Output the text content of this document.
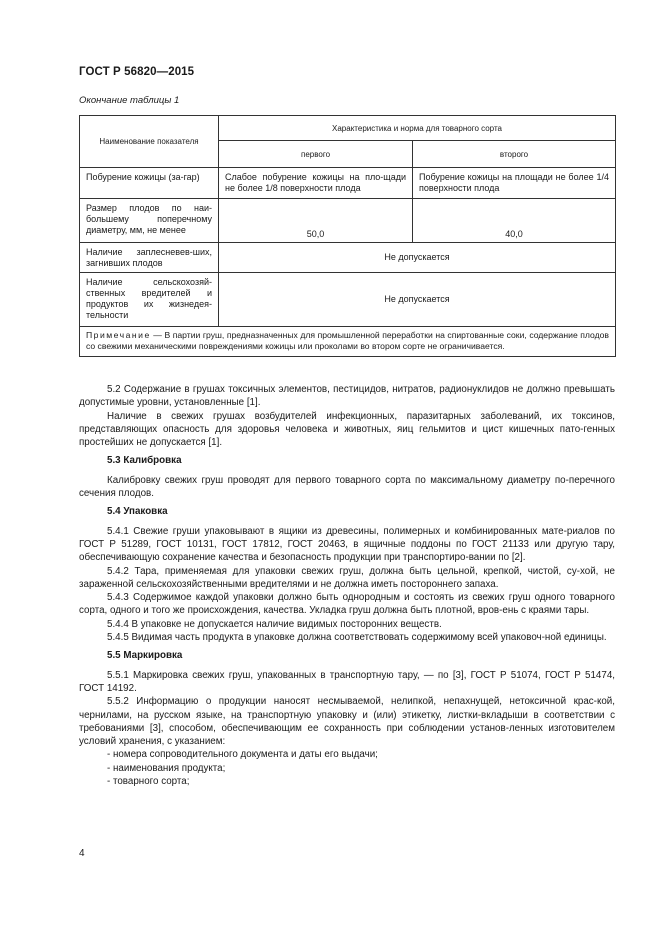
ГОСТ Р 56820—2015
Окончание таблицы 1
Наименование показателя	Характеристика и норма для товарного сорта	
	первого	второго
Побурение кожицы (за-гар)	Слабое побурение кожицы на пло-щади не более 1/8 поверхности плода	Побурение кожицы на площади не более 1/4 поверхности плода
Размер плодов по наи-большему поперечному диаметру, мм, не менее	50,0	40,0
Наличие заплесневев-ших, загнивших плодов	Не допускается	
Наличие сельскохозяй-ственных вредителей и продуктов их жизнедея-тельности	Не допускается	
Примечание — В партии груш, предназначенных для промышленной переработки на спиртованные соки, содержание плодов со свежими механическими повреждениями кожицы или проколами во втором сорте не ограничивается.		

5.2 Содержание в грушах токсичных элементов, пестицидов, нитратов, радионуклидов не должно превышать допустимые уровни, установленные [1].

Наличие в свежих грушах возбудителей инфекционных, паразитарных заболеваний, их токсинов, представляющих опасность для здоровья человека и животных, яиц гельмитов и цист кишечных пато-генных простейших не допускается [1].

5.3 Калибровка

Калибровку свежих груш проводят для первого товарного сорта по максимальному диаметру по-перечного сечения плодов.

5.4 Упаковка

5.4.1 Свежие груши упаковывают в ящики из древесины, полимерных и комбинированных мате-риалов по ГОСТ Р 51289, ГОСТ 10131, ГОСТ 17812, ГОСТ 20463, в ящичные поддоны по ГОСТ 21133 или другую тару, обеспечивающую сохранение качества и безопасность продукции при транспортиро-вании по [2].

5.4.2 Тара, применяемая для упаковки свежих груш, должна быть цельной, крепкой, чистой, су-хой, не зараженной сельскохозяйственными вредителями и не должна иметь постороннего запаха.

5.4.3 Содержимое каждой упаковки должно быть однородным и состоять из свежих груш одного товарного сорта, одного и того же происхождения, качества. Укладка груш должна быть плотной, вров-ень с краями тары.

5.4.4 В упаковке не допускается наличие видимых посторонних веществ.

5.4.5 Видимая часть продукта в упаковке должна соответствовать содержимому всей упаковоч-ной единицы.

5.5 Маркировка

5.5.1 Маркировка свежих груш, упакованных в транспортную тару, — по [3], ГОСТ Р 51074, ГОСТ Р 51474, ГОСТ 14192.

5.5.2 Информацию о продукции наносят несмываемой, нелипкой, непахнущей, нетоксичной крас-кой, чернилами, на русском языке, на транспортную упаковку и (или) этикетку, листки-вкладыши в соответствии с требованиями [3], способом, обеспечивающим ее сохранность при соблюдении установ-ленных изготовителем условий хранения, с указанием:

- номера сопроводительного документа и даты его выдачи;

- наименования продукта;

- товарного сорта;

4
